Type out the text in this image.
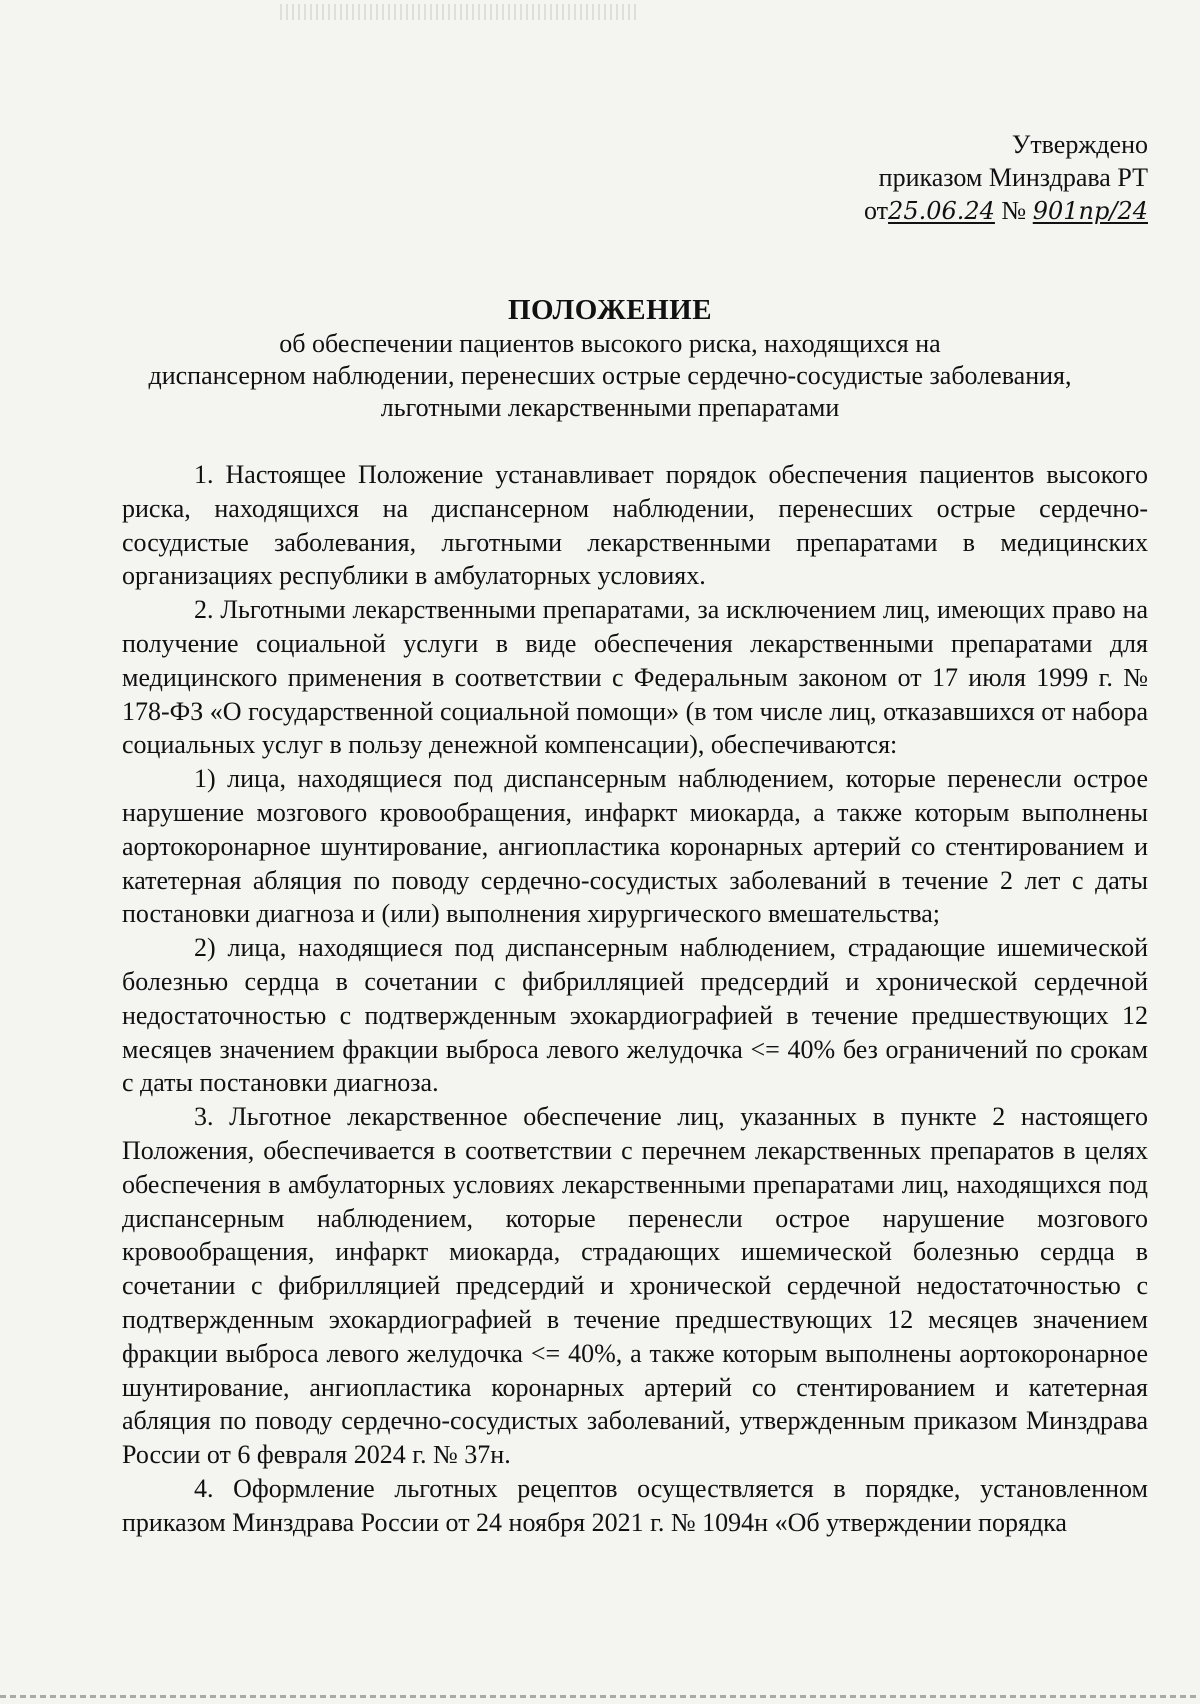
Утверждено
приказом Минздрава РТ
от25.06.24 № 901пр/24
ПОЛОЖЕНИЕ
об обеспечении пациентов высокого риска, находящихся на
диспансерном наблюдении, перенесших острые сердечно-сосудистые заболевания,
льготными лекарственными препаратами

1. Настоящее Положение устанавливает порядок обеспечения пациентов высокого риска, находящихся на диспансерном наблюдении, перенесших острые сердечно-сосудистые заболевания, льготными лекарственными препаратами в медицинских организациях республики в амбулаторных условиях.

2. Льготными лекарственными препаратами, за исключением лиц, имеющих право на получение социальной услуги в виде обеспечения лекарственными препаратами для медицинского применения в соответствии с Федеральным законом от 17 июля 1999 г. № 178-ФЗ «О государственной социальной помощи» (в том числе лиц, отказавшихся от набора социальных услуг в пользу денежной компенсации), обеспечиваются:

1) лица, находящиеся под диспансерным наблюдением, которые перенесли острое нарушение мозгового кровообращения, инфаркт миокарда, а также которым выполнены аортокоронарное шунтирование, ангиопластика коронарных артерий со стентированием и катетерная абляция по поводу сердечно-сосудистых заболеваний в течение 2 лет с даты постановки диагноза и (или) выполнения хирургического вмешательства;

2) лица, находящиеся под диспансерным наблюдением, страдающие ишемической болезнью сердца в сочетании с фибрилляцией предсердий и хронической сердечной недостаточностью с подтвержденным эхокардиографией в течение предшествующих 12 месяцев значением фракции выброса левого желудочка <= 40% без ограничений по срокам с даты постановки диагноза.

3. Льготное лекарственное обеспечение лиц, указанных в пункте 2 настоящего Положения, обеспечивается в соответствии с перечнем лекарственных препаратов в целях обеспечения в амбулаторных условиях лекарственными препаратами лиц, находящихся под диспансерным наблюдением, которые перенесли острое нарушение мозгового кровообращения, инфаркт миокарда, страдающих ишемической болезнью сердца в сочетании с фибрилляцией предсердий и хронической сердечной недостаточностью с подтвержденным эхокардиографией в течение предшествующих 12 месяцев значением фракции выброса левого желудочка <= 40%, а также которым выполнены аортокоронарное шунтирование, ангиопластика коронарных артерий со стентированием и катетерная абляция по поводу сердечно-сосудистых заболеваний, утвержденным приказом Минздрава России от 6 февраля 2024 г. № 37н.

4. Оформление льготных рецептов осуществляется в порядке, установленном приказом Минздрава России от 24 ноября 2021 г. № 1094н «Об утверждении порядка
